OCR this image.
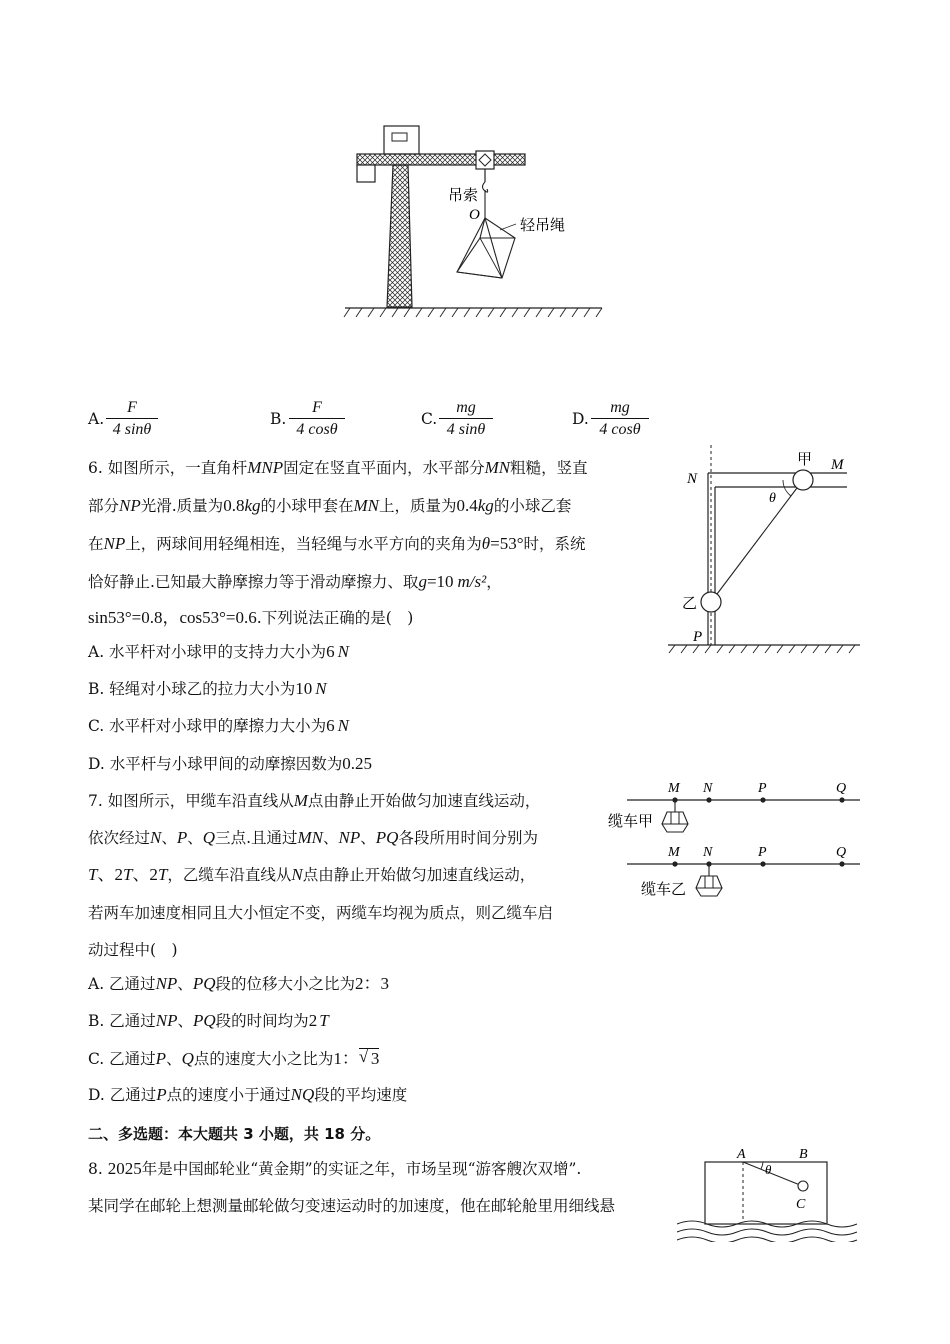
吊索
O
轻吊绳
A.
F
4 sinθ
B.
F
4 cosθ
C.
mg
4 sinθ
D.
mg
4 cosθ
6. 如图所示，一直角杆MNP固定在竖直平面内，水平部分MN粗糙，竖直
部分NP光滑.质量为0.8kg的小球甲套在MN上，质量为0.4kg的小球乙套
在NP上，两球间用轻绳相连，当轻绳与水平方向的夹角为θ=53°时，系统
恰好静止.已知最大静摩擦力等于滑动摩擦力、取g=10 m/s²，
sin53°=0.8，cos53°=0.6.下列说法正确的是(　)
A. 水平杆对小球甲的支持力大小为6 N
B. 轻绳对小球乙的拉力大小为10 N
C. 水平杆对小球甲的摩擦力大小为6 N
D. 水平杆与小球甲间的动摩擦因数为0.25
N
M
P
甲
乙
θ
7. 如图所示，甲缆车沿直线从M点由静止开始做匀加速直线运动，
依次经过N、P、Q三点.且通过MN、NP、PQ各段所用时间分别为
T、2T、2T，乙缆车沿直线从N点由静止开始做匀加速直线运动，
若两车加速度相同且大小恒定不变，两缆车均视为质点，则乙缆车启
动过程中(　)
A. 乙通过NP、PQ段的位移大小之比为2：3
B. 乙通过NP、PQ段的时间均为2 T
C. 乙通过P、Q点的速度大小之比为1： √ 3
D. 乙通过P点的速度小于通过NQ段的平均速度
M N	P	Q
缆车甲
M N	P	Q
缆车乙
二、多选题：本大题共 3 小题，共 18 分。
8. 2025年是中国邮轮业“黄金期”的实证之年，市场呈现“游客艘次双增”.
某同学在邮轮上想测量邮轮做匀变速运动时的加速度，他在邮轮舱里用细线悬
A	B
C
θ
